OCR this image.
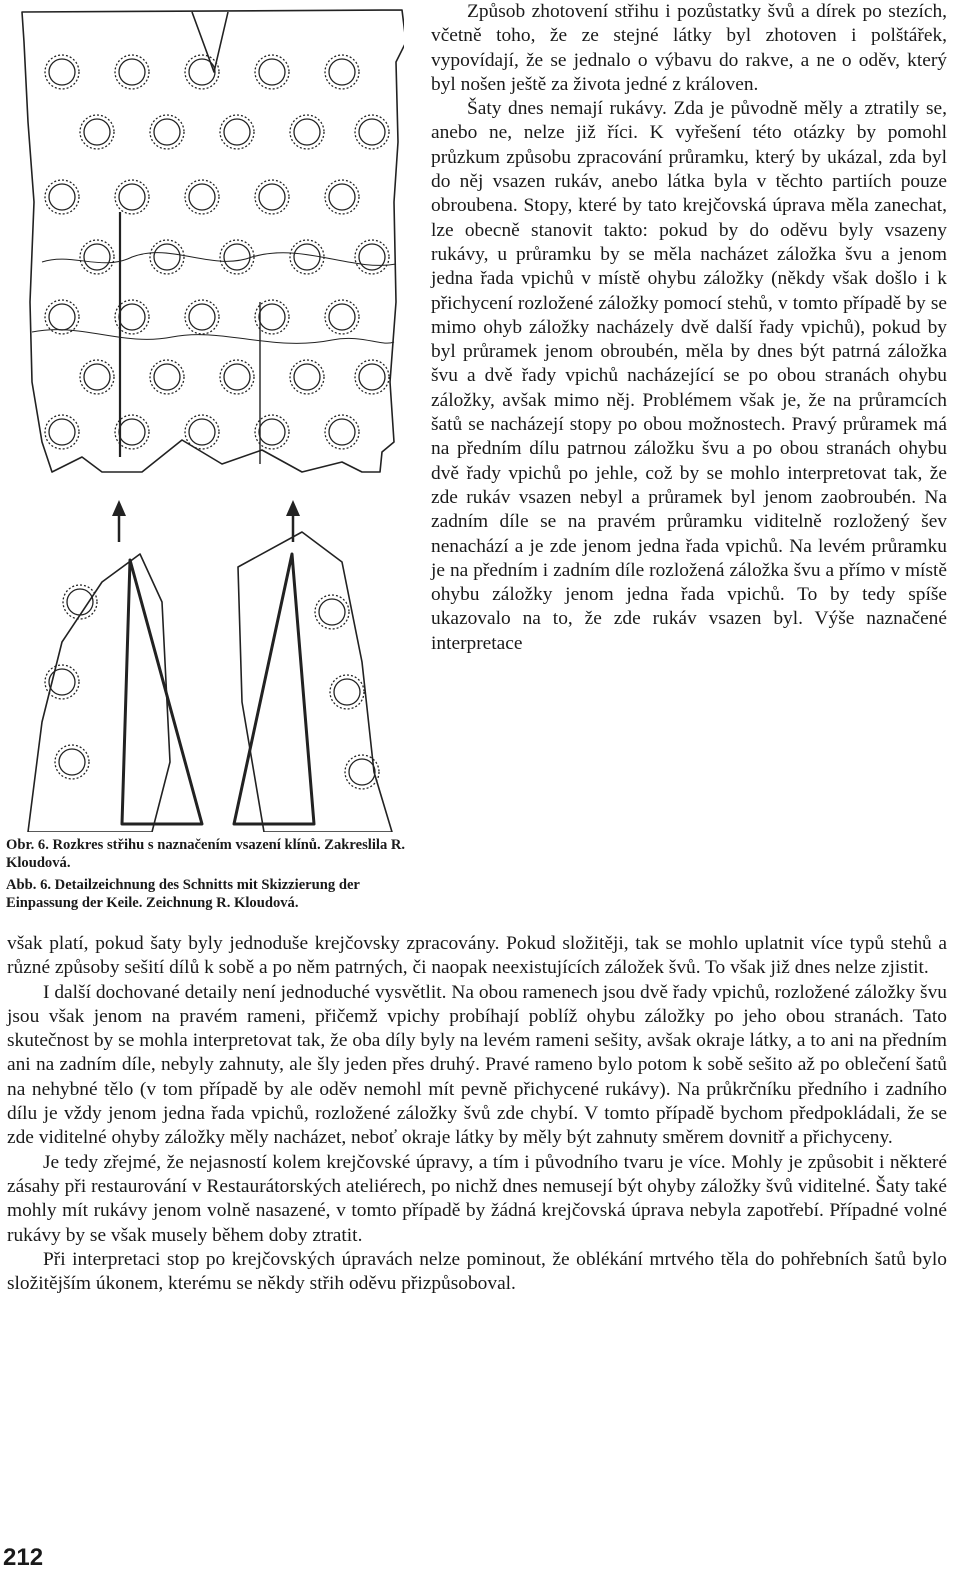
Obr. 6. Rozkres střihu s naznačením vsazení klínů. Zakreslila R. Kloudová.

Abb. 6. Detailzeichnung des Schnitts mit Skizzierung der Einpassung der Keile. Zeichnung R. Kloudová.

Způsob zhotovení střihu i pozůstatky švů a dírek po stezích, včetně toho, že ze stejné látky byl zhotoven i polštářek, vypovídají, že se jednalo o výbavu do rakve, a ne o oděv, který byl nošen ještě za života jedné z královen.

Šaty dnes nemají rukávy. Zda je původně měly a ztratily se, anebo ne, nelze již říci. K vyřešení této otázky by pomohl průzkum způsobu zpracování průramku, který by ukázal, zda byl do něj vsazen rukáv, anebo látka byla v těchto partiích pouze obroubena. Stopy, které by tato krejčovská úprava měla zanechat, lze obecně stanovit takto: pokud by do oděvu byly vsazeny rukávy, u průramku by se měla nacházet záložka švu a jenom jedna řada vpichů v místě ohybu záložky (někdy však došlo i k přichycení rozložené záložky pomocí stehů, v tomto případě by se mimo ohyb záložky nacházely dvě další řady vpichů), pokud by byl průramek jenom obroubén, měla by dnes být patrná záložka švu a dvě řady vpichů nacházející se po obou stranách ohybu záložky, avšak mimo něj. Problémem však je, že na průramcích šatů se nacházejí stopy po obou možnostech. Pravý průramek má na předním dílu patrnou záložku švu a po obou stranách ohybu dvě řady vpichů po jehle, což by se mohlo interpretovat tak, že zde rukáv vsazen nebyl a průramek byl jenom zaobroubén. Na zadním díle se na pravém průramku viditelně rozložený šev nenachází a je zde jenom jedna řada vpichů. Na levém průramku je na předním i zadním díle rozložená záložka švu a přímo v místě ohybu záložky jenom jedna řada vpichů. To by tedy spíše ukazovalo na to, že zde rukáv vsazen byl. Výše naznačené interpretace

však platí, pokud šaty byly jednoduše krejčovsky zpracovány. Pokud složitěji, tak se mohlo uplatnit více typů stehů a různé způsoby sešití dílů k sobě a po něm patrných, či naopak neexistujících záložek švů. To však již dnes nelze zjistit.

I další dochované detaily není jednoduché vysvětlit. Na obou ramenech jsou dvě řady vpichů, rozložené záložky švu jsou však jenom na pravém rameni, přičemž vpichy probíhají poblíž ohybu záložky po jeho obou stranách. Tato skutečnost by se mohla interpretovat tak, že oba díly byly na levém rameni sešity, avšak okraje látky, a to ani na předním ani na zadním díle, nebyly zahnuty, ale šly jeden přes druhý. Pravé rameno bylo potom k sobě sešito až po oblečení šatů na nehybné tělo (v tom případě by ale oděv nemohl mít pevně přichycené rukávy). Na průkrčníku předního i zadního dílu je vždy jenom jedna řada vpichů, rozložené záložky švů zde chybí. V tomto případě bychom předpokládali, že se zde viditelné ohyby záložky měly nacházet, neboť okraje látky by měly být zahnuty směrem dovnitř a přichyceny.

Je tedy zřejmé, že nejasností kolem krejčovské úpravy, a tím i původního tvaru je více. Mohly je způsobit i některé zásahy při restaurování v Restaurátorských ateliérech, po nichž dnes nemusejí být ohyby záložky švů viditelné. Šaty také mohly mít rukávy jenom volně nasazené, v tomto případě by žádná krejčovská úprava nebyla zapotřebí. Případné volné rukávy by se však musely během doby ztratit.

Při interpretaci stop po krejčovských úpravách nelze pominout, že oblékání mrtvého těla do pohřebních šatů bylo složitějším úkonem, kterému se někdy střih oděvu přizpůsoboval.

212
